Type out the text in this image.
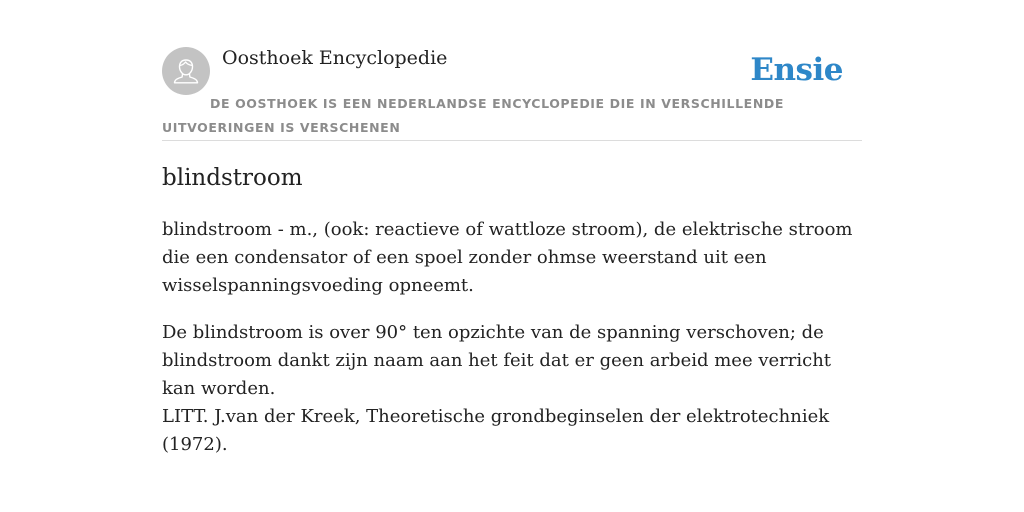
Oosthoek Encyclopedie	Ensie
DE OOSTHOEK IS EEN NEDERLANDSE ENCYCLOPEDIE DIE IN VERSCHILLENDE UITVOERINGEN IS VERSCHENEN
blindstroom

blindstroom - m., (ook: reactieve of wattloze stroom), de elektrische stroom die een condensator of een spoel zonder ohmse weerstand uit een wisselspanningsvoeding opneemt.

De blindstroom is over 90° ten opzichte van de spanning verschoven; de blindstroom dankt zijn naam aan het feit dat er geen arbeid mee verricht kan worden.
LITT. J.van der Kreek, Theoretische grondbeginselen der elektrotechniek (1972).
